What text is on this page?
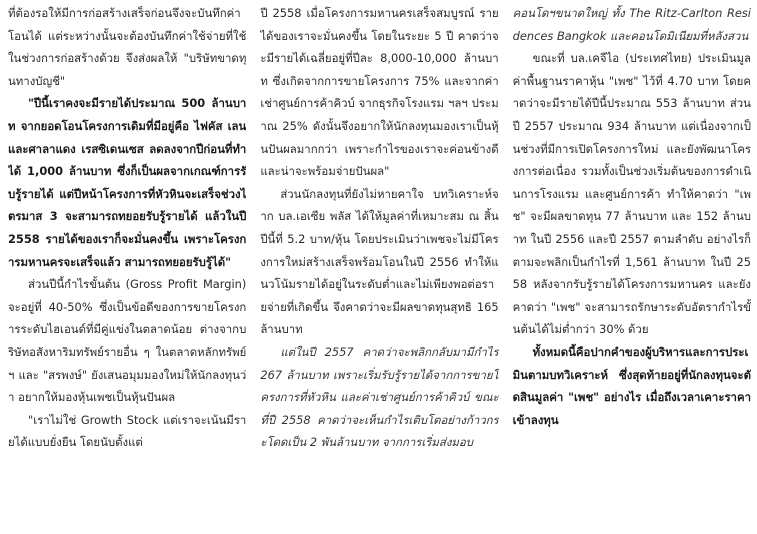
ที่ต้องรอให้มีการก่อสร้างเสร็จก่อนจึงจะบันทึกค่าโอนได้ แต่ระหว่างนั้นจะต้องบันทึกค่าใช้จ่ายที่ใช้ในช่วงการก่อสร้างด้วย จึงส่งผลให้ "บริษัทขาดทุนทางบัญชี"

"ปีนี้เราคงจะมีรายได้ประมาณ 500 ล้านบาท จากยอดโอนโครงการเดิมที่มีอยู่คือ ไฟคัส เลน และศาลาแดง เรสซิเดนเซส ลดลงจากปีก่อนที่ทำได้ 1,000 ล้านบาท ซึ่งก็เป็นผลจากเกณฑ์การรับรู้รายได้ แต่ปีหน้าโครงการที่หัวหินจะเสร็จช่วงไตรมาส 3 จะสามารถทยอยรับรู้รายได้ แล้วในปี 2558 รายได้ของเราก็จะมั่นคงขึ้น เพราะโครงการมหานครจะเสร็จแล้ว สามารถทยอยรับรู้ได้"

ส่วนปีนี้กำไรขั้นต้น (Gross Profit Margin) จะอยู่ที่ 40-50% ซึ่งเป็นข้อดีของการขายโครงการระดับไฮเอนด์ที่มีคู่แข่งในตลาดน้อย ต่างจากบริษัทอสังหาริมทรัพย์รายอื่น ๆ ในตลาดหลักทรัพย์ฯ และ "สรพงษ์" ยังเสนอมุมมองใหม่ให้นักลงทุนว่า อยากให้มองหุ้นเพชเป็นหุ้นปันผล

"เราไม่ใช่ Growth Stock แต่เราจะเน้นมีรายได้แบบยั่งยืน โดยนับตั้งแต่

ปี 2558 เมื่อโครงการมหานครเสร็จสมบูรณ์ รายได้ของเราจะมั่นคงขึ้น โดยในระยะ 5 ปี คาดว่าจะมีรายได้เฉลี่ยอยู่ที่ปีละ 8,000-10,000 ล้านบาท ซึ่งเกิดจากการขายโครงการ 75% และจากค่าเช่าศูนย์การค้าคิวบ์ จากธุรกิจโรงแรม ฯลฯ ประมาณ 25% ดังนั้นจึงอยากให้นักลงทุนมองเราเป็นหุ้นปันผลมากกว่า เพราะกำไรของเราจะค่อนข้างดี และน่าจะพร้อมจ่ายปันผล"

ส่วนนักลงทุนที่ยังไม่หายคาใจ บทวิเคราะห์จาก บล.เอเซีย พลัส ได้ให้มูลค่าที่เหมาะสม ณ สิ้นปีนี้ที่ 5.2 บาท/หุ้น โดยประเมินว่าเพชจะไม่มีโครงการใหม่สร้างเสร็จพร้อมโอนในปี 2556 ทำให้แนวโน้มรายได้อยู่ในระดับต่ำและไม่เพียงพอต่อรายจ่ายที่เกิดขึ้น จึงคาดว่าจะมีผลขาดทุนสุทธิ 165 ล้านบาท

แต่ในปี 2557 คาดว่าจะพลิกกลับมามีกำไร 267 ล้านบาท เพราะเริ่มรับรู้รายได้จากการขายโครงการที่หัวหิน และค่าเช่าศูนย์การค้าคิวบ์ ขณะที่ปี 2558 คาดว่าจะเห็นกำไรเติบโตอย่างก้าวกระโดดเป็น 2 พันล้านบาท จากการเริ่มส่งมอบ

คอนโดฯขนาดใหญ่ ทั้ง The Ritz-Carlton Residences Bangkok และคอนโดมิเนียมที่หลังสวน

ขณะที่ บล.เคจีไอ (ประเทศไทย) ประเมินมูลค่าพื้นฐานราคาหุ้น "เพช" ไว้ที่ 4.70 บาท โดยคาดว่าจะมีรายได้ปีนี้ประมาณ 553 ล้านบาท ส่วนปี 2557 ประมาณ 934 ล้านบาท แต่เนื่องจากเป็นช่วงที่มีการเปิดโครงการใหม่ และยังพัฒนาโครงการต่อเนื่อง รวมทั้งเป็นช่วงเริ่มต้นของการดำเนินการโรงแรม และศูนย์การค้า ทำให้คาดว่า "เพช" จะมีผลขาดทุน 77 ล้านบาท และ 152 ล้านบาท ในปี 2556 และปี 2557 ตามลำดับ อย่างไรก็ตามจะพลิกเป็นกำไรที่ 1,561 ล้านบาท ในปี 2558 หลังจากรับรู้รายได้โครงการมหานคร และยังคาดว่า "เพช" จะสามารถรักษาระดับอัตรากำไรขั้นต้นได้ไม่ต่ำกว่า 30% ด้วย

ทั้งหมดนี้คือปากคำของผู้บริหารและการประเมินตามบทวิเคราะห์ ซึ่งสุดท้ายอยู่ที่นักลงทุนจะตัดสินมูลค่า "เพช" อย่างไร เมื่อถึงเวลาเคาะราคาเข้าลงทุน
